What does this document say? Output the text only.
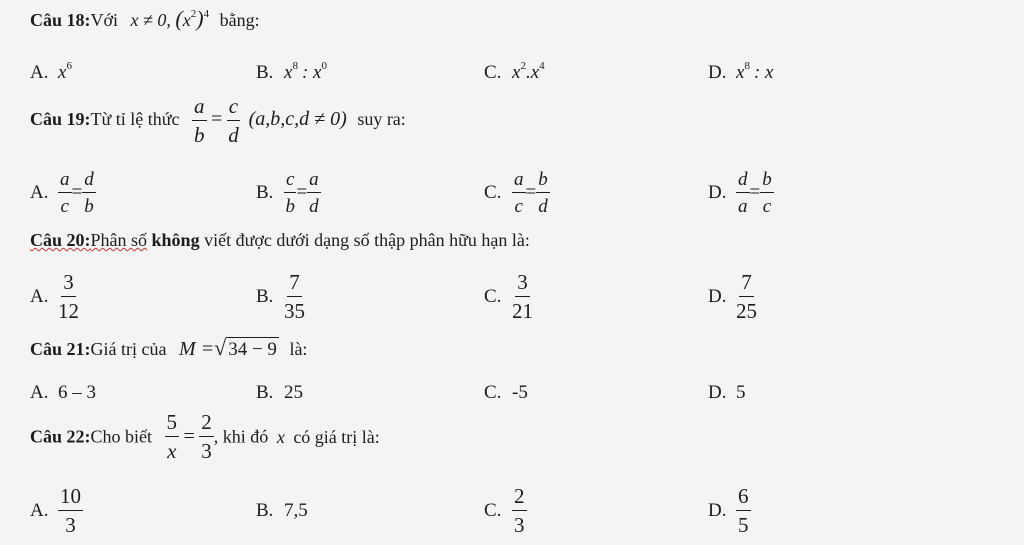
Câu 18:Với x ≠ 0, $(x^2)^4$ bằng:
A. $x^6$	B. $x^8$ : $x^0$	C. $x^2.x^4$	D. $x^8$ : x
Câu 19:Từ tỉ lệ thức $\frac{a}{b} = \frac{c}{d} (a,b,c,d \ne 0)$ suy ra:
A. $\frac{a}{c} = \frac{d}{b}$	B. $\frac{c}{b} = \frac{a}{d}$	C. $\frac{a}{c} = \frac{b}{d}$	D. $\frac{d}{a} = \frac{b}{c}$
Câu 20:Phân số không viết được dưới dạng số thập phân hữu hạn là:
A. $\frac{3}{12}$	B. $\frac{7}{35}$	C. $\frac{3}{21}$	D. $\frac{7}{25}$
Câu 21:Giá trị của M =√ 34 − 9 là:
A. 6 – 3	B. 25	C. -5	D. 5
Câu 22:Cho biết $\frac{5}{x} = \frac{2}{3}$ , khi đó x có giá trị là:
A. $\frac{10}{3}$	B. 7,5	C. $\frac{2}{3}$	D. $\frac{6}{5}$
